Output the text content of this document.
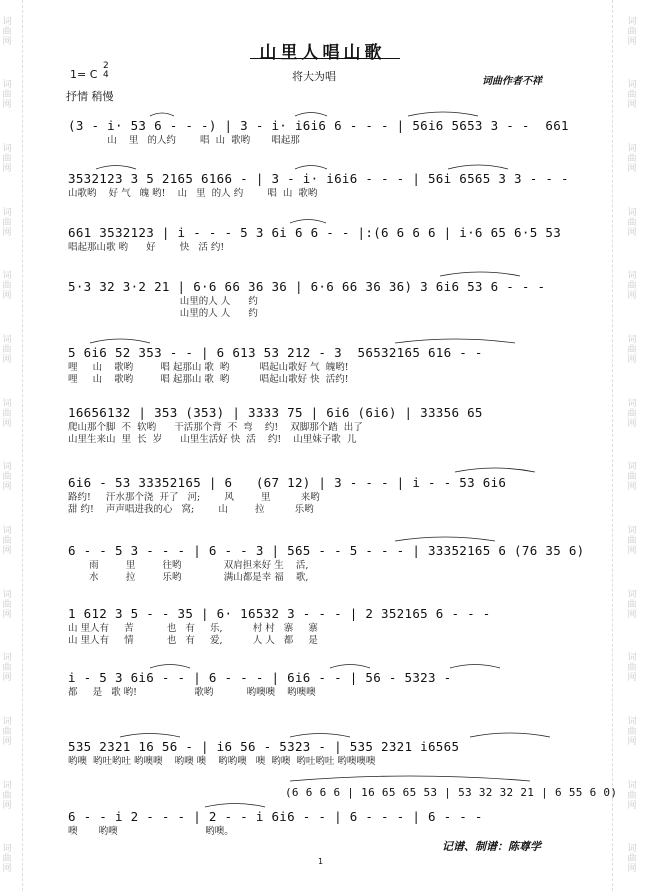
词
曲
网
词
曲
网
词
曲
网
词
曲
网
词
曲
网
词
曲
网
词
曲
网
词
曲
网
词
曲
网
词
曲
网
词
曲
网
词
曲
网
词
曲
网
词
曲
网
词
曲
网
词
曲
网
词
曲
网
词
曲
网
词
曲
网
词
曲
网
词
曲
网
词
曲
网
词
曲
网
词
曲
网
词
曲
网
词
曲
网
词
曲
网
词
曲
网
山里人唱山歌
1= C
2
4	将大为唱	词曲作者不祥
抒情 稍慢
(3 - i· 53 6 - - -) | 3 - i· i6i6 6 - - - | 56i6 5653 3 - -  661
山    里   的人约        唱  山  歌哟       唱起那
3532123 3 5 2165 6166 - | 3 - i· i6i6 - - - | 56i 6565 3 3 - - -
山歌哟    好 气   魄 哟!    山   里  的人 约        唱  山  歌哟
661 3532123 | i - - - 5 3 6i 6 6 - - |:(6 6 6 6 | i·6 65 6·5 53
唱起那山歌 哟      好        快   活 约!
5·3 32 3·2 21 | 6·6 66 36 36 | 6·6 66 36 36) 3 6i6 53 6 - - -
山里的人 人      约
山里的人 人      约
5 6i6 52 353 - - | 6 613 53 212 - 3  56532165 616 - -
哩     山    歌哟         唱 起那山 歌  哟          唱起山歌好 气  魄哟!
哩     山    歌哟         唱 起那山 歌  哟          唱起山歌好 快  活约!
16656132 | 353 (353) | 3333 75 | 6i6 (6i6) | 33356 65
爬山那个脚  不  软哟      干活那个背  不  弯    约!    双脚那个踏  出了
山里生来山  里  长  岁      山里生活好 快  活    约!    山里妹子歌  儿
6i6 - 53 33352165 | 6   (67 12) | 3 - - - | i - - 53 6i6
路约!     汗水那个浇  开了   河;        风         里          来哟
甜 约!    声声唱进我的心   窝;        山         拉          乐哟
6 - - 5 3 - - - | 6 - - 3 | 565 - - 5 - - - | 33352165 6 (76 35 6)
雨         里         往哟              双肩担来好 生    活,
水         拉         乐哟              满山都是幸 福    歌,
1 612 3 5 - - 35 | 6· 16532 3 - - - | 2 352165 6 - - -
山 里人有     苦           也   有     乐,          村 村   寨     寨
山 里人有     情           也   有     爱,          人 人   都     是
i - 5 3 6i6 - - | 6 - - - | 6i6 - - | 56 - 5323 -
都     是   歌 哟!                   歌哟           哟噢噢    哟噢噢
535 2321 16 56 - | i6 56 - 5323 - | 535 2321 i6565
哟噢  哟吐哟吐 哟噢噢    哟噢 噢    哟哟噢   噢  哟噢  哟吐哟吐 哟噢噢噢
(6 6 6 6 | 16 65 65 53 | 53 32 32 21 | 6 55 6 0)
6 - - i 2 - - - | 2 - - i 6i6 - - | 6 - - - | 6 - - -
噢       哟噢                             哟噢。
记谱、制谱：陈尊学
1
